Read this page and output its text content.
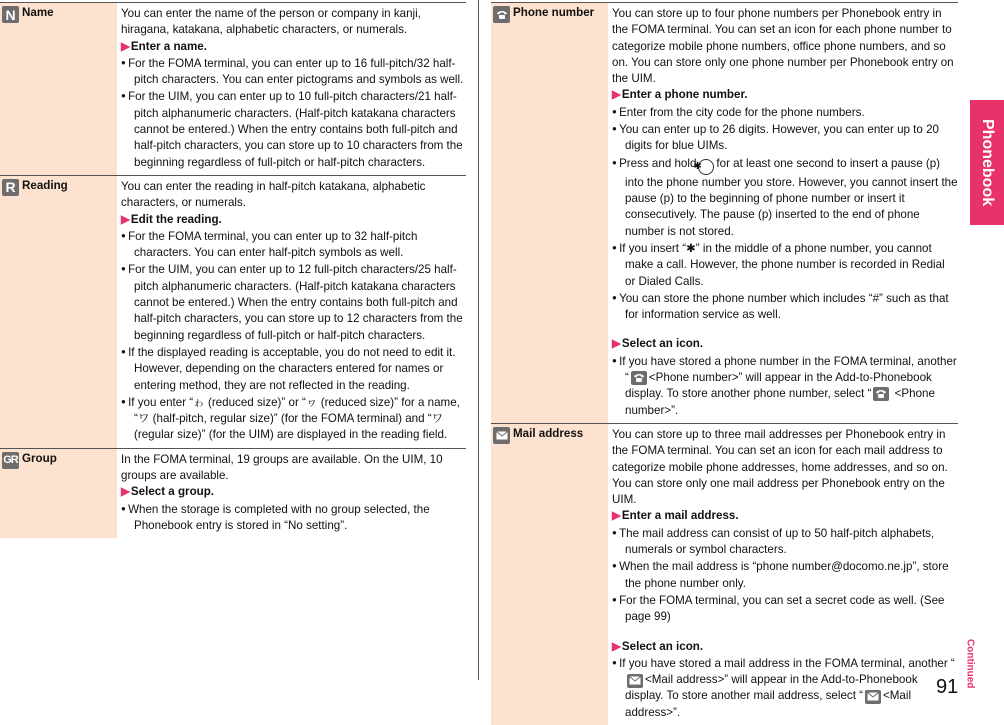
N Name	You can enter the name of the person or company in kanji, hiragana, katakana, alphabetic characters, or numerals.

▶Enter a name.

● For the FOMA terminal, you can enter up to 16 full-pitch/32 half-pitch characters. You can enter pictograms and symbols as well.

● For the UIM, you can enter up to 10 full-pitch characters/21 half-pitch alphanumeric characters. (Half-pitch katakana characters cannot be entered.) When the entry contains both full-pitch and half-pitch characters, you can store up to 10 characters from the beginning regardless of full-pitch or half-pitch characters.

R Reading	You can enter the reading in half-pitch katakana, alphabetic characters, or numerals.

▶Edit the reading.

● For the FOMA terminal, you can enter up to 32 half-pitch characters. You can enter half-pitch symbols as well.

● For the UIM, you can enter up to 12 full-pitch characters/25 half-pitch alphanumeric characters. (Half-pitch katakana characters cannot be entered.) When the entry contains both full-pitch and half-pitch characters, you can store up to 12 characters from the beginning regardless of full-pitch or half-pitch characters.

● If the displayed reading is acceptable, you do not need to edit it. However, depending on the characters entered for names or entering method, they are not reflected in the reading.

● If you enter “ゎ (reduced size)” or “ヮ (reduced size)” for a name, “ワ (half-pitch, regular size)” (for the FOMA terminal) and “ワ (regular size)” (for the UIM) are displayed in the reading field.

GR Group	In the FOMA terminal, 19 groups are available. On the UIM, 10 groups are available.

▶Select a group.

● When the storage is completed with no group selected, the Phonebook entry is stored in “No setting”.

Phone number You can store up to four phone numbers per Phonebook entry in the FOMA terminal. You can set an icon for each phone number to categorize mobile phone numbers, office phone numbers, and so on. You can store only one phone number per Phonebook entry on the UIM.

▶Enter a phone number.

● Enter from the city code for the phone numbers.

● You can enter up to 26 digits. However, you can enter up to 20 digits for blue UIMs.

● Press and hold✱ for at least one second to insert a pause (p) into the phone number you store. However, you cannot insert the pause (p) to the beginning of phone number or insert it consecutively. The pause (p) inserted to the end of phone number is not stored.

● If you insert “✱” in the middle of a phone number, you cannot make a call. However, the phone number is recorded in Redial or Dialed Calls.

● You can store the phone number which includes “#” such as that for information service as well.

▶Select an icon.

● If you have stored a phone number in the FOMA terminal, another “ <Phone number>” will appear in the Add-to-Phonebook display. To store another phone number, select “
<Phone number>”.

Mail address You can store up to three mail addresses per Phonebook entry in the FOMA terminal. You can set an icon for each mail address to categorize mobile phone addresses, home addresses, and so on. You can store only one mail address per Phonebook entry on the UIM.

▶Enter a mail address.

● The mail address can consist of up to 50 half-pitch alphabets, numerals or symbol characters.

● When the mail address is “phone number@docomo.ne.jp”, store the phone number only.

● For the FOMA terminal, you can set a secret code as well. (See page 99)

▶Select an icon.

● If you have stored a mail address in the FOMA terminal, another “
<Mail address>” will appear in the Add-to-Phonebook display. To store another mail address, select “ <Mail address>”.

Phonebook
Continued
91
